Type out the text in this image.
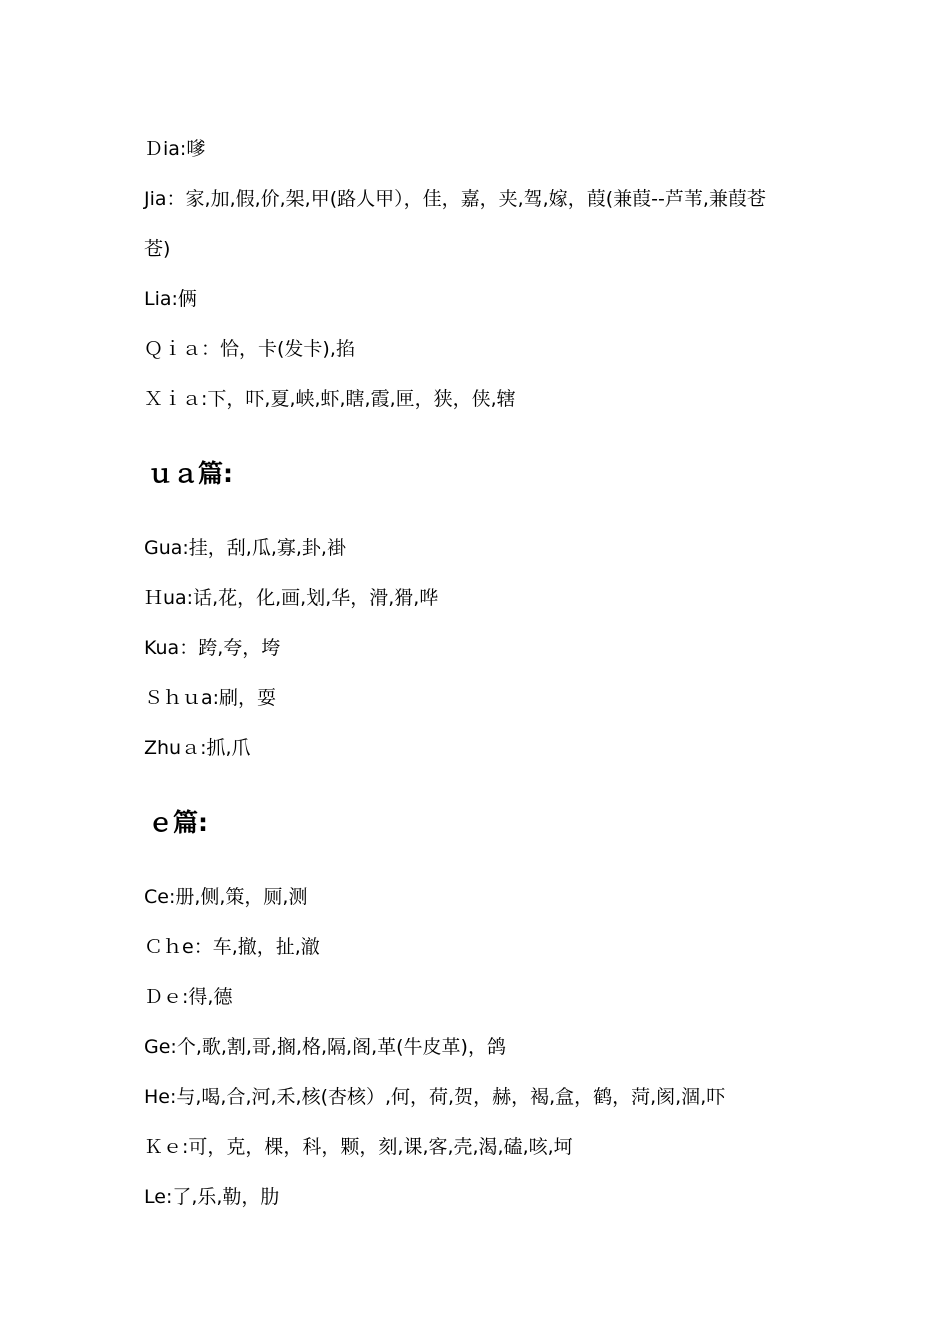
Ｄia:嗲
Jia：家,加,假,价,架,甲(路人甲），佳，嘉，夹,驾,嫁，葭(兼葭--芦苇,兼葭苍
苍)
Lia:俩
Ｑｉａ：恰，卡(发卡),掐
Ｘｉａ:下，吓,夏,峡,虾,瞎,霞,匣，狭，侠,辖
ｕａ篇:
Gua:挂，刮,瓜,寡,卦,褂
Ｈua:话,花，化,画,划,华，滑,猾,哗
Kua：跨,夸，垮
Ｓｈｕa:刷，耍
Zhuａ:抓,爪
ｅ篇:
Ce:册,侧,策，厕,测
Ｃｈe：车,撤，扯,澈
Ｄｅ:得,德
Ge:个,歌,割,哥,搁,格,隔,阁,革(牛皮革)，鸽
He:与,喝,合,河,禾,核(杏核）,何，荷,贺，赫，褐,盒，鹤，菏,阂,涸,吓
Ｋｅ:可，克，棵，科，颗，刻,课,客,壳,渴,磕,咳,坷
Le:了,乐,勒，肋
